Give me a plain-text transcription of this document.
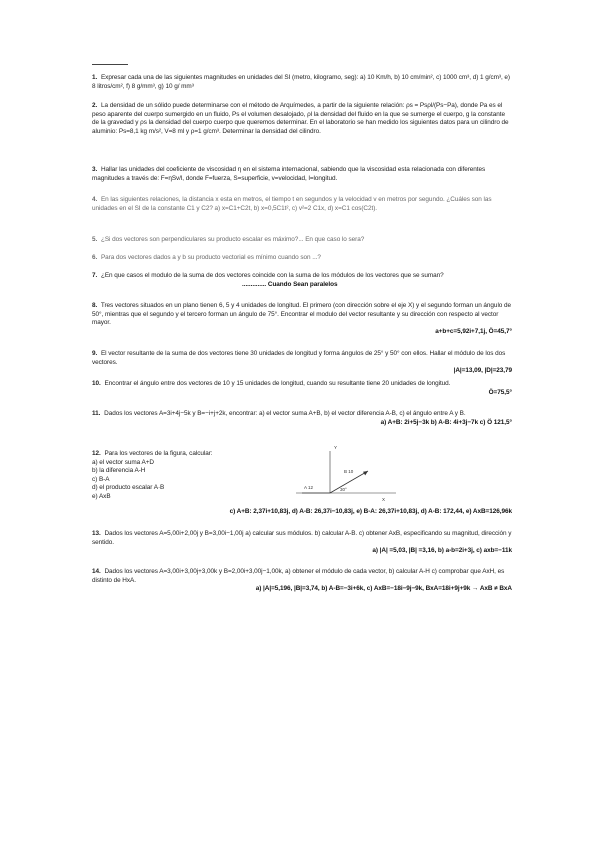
1. Expresar cada una de las siguientes magnitudes en unidades del SI (metro, kilogramo, seg): a) 10 Km/h, b) 10 cm/min², c) 1000 cm³, d) 1 g/cm³, e) 8 litros/cm², f) 8 g/mm³, g) 10 g/ mm³
2. La densidad de un sólido puede determinarse con el método de Arquímedes, a partir de la siguiente relación: ρs = Psρl/(Ps−Pa), donde Pa es el peso aparente del cuerpo sumergido en un fluido, Ps el volumen desalojado, ρl la densidad del fluido en la que se sumerge el cuerpo, g la constante de la gravedad y ρs la densidad del cuerpo cuerpo que queremos determinar. En el laboratorio se han medido los siguientes datos para un cilindro de aluminio: Ps=8,1 kg m/s², V=8 ml y ρ=1 g/cm³. Determinar la densidad del cilindro.
3. Hallar las unidades del coeficiente de viscosidad η en el sistema internacional, sabiendo que la viscosidad esta relacionada con diferentes magnitudes a través de: F=ηSv/l, donde F=fuerza, S=superficie, v=velocidad, l=longitud.
4. En las siguientes relaciones, la distancia x esta en metros, el tiempo t en segundos y la velocidad v en metros por segundo. ¿Cuáles son las unidades en el SI de la constante C1 y C2? a) x=C1+C2t, b) x=0,5C1t², c) v²=2 C1x, d) x=C1 cos(C2t).
5. ¿Si dos vectores son perpendiculares su producto escalar es máximo?... En que caso lo sera?
6. Para dos vectores dados a y b su producto vectorial es mínimo cuando son ...?
7. ¿En que casos el modulo de la suma de dos vectores coincide con la suma de los módulos de los vectores que se suman?
.............. Cuando Sean paralelos
8. Tres vectores situados en un plano tienen 6, 5 y 4 unidades de longitud. El primero (con dirección sobre el eje X) y el segundo forman un ángulo de 50°, mientras que el segundo y el tercero forman un ángulo de 75°. Encontrar el modulo del vector resultante y su dirección con respecto al vector mayor.
a+b+c=5,92i+7,1j, Ö=45,7°
9. El vector resultante de la suma de dos vectores tiene 30 unidades de longitud y forma ángulos de 25° y 50° con ellos. Hallar el módulo de los dos vectores.
|A|=13,09, |D|=23,79
10. Encontrar el ángulo entre dos vectores de 10 y 15 unidades de longitud, cuando su resultante tiene 20 unidades de longitud.
Ö=75,5°
11. Dados los vectores A=3i+4j−5k y B=−i+j+2k, encontrar: a) el vector suma A+B, b) el vector diferencia A-B, c) el ángulo entre A y B.
a) A+B: 2i+5j−3k b) A-B: 4i+3j−7k c) Ö 121,5°
12. Para los vectores de la figura, calcular:
a) el vector suma A+D
b) la diferencia A-H
c) B-A
d) el producto escalar A·B
e) AxB
Y
X
B 10
A 12	30°
c) A+B: 2,37i+10,83j, d) A-B: 26,37i−10,83j, e) B-A: 26,37i+10,83j, d) A-B: 172,44, e) AxB=126,96k
13. Dados los vectores A=5,00i+2,00j y B=3,00i−1,00j a) calcular sus módulos. b) calcular A-B. c) obtener AxB, especificando su magnitud, dirección y sentido.
a) |A| =5,03, |B| =3,16, b) a-b=2i+3j, c) axb=−11k
14. Dados los vectores A=3,00i+3,00j+3,00k y B=2,00i+3,00j−1,00k, a) obtener el módulo de cada vector, b) calcular A-H c) comprobar que AxH, es distinto de HxA.
a) |A|=5,196, |B|=3,74, b) A-B=−3i+6k, c) AxB=−18i−9j−9k, BxA=18i+9j+9k → AxB ≠ BxA
